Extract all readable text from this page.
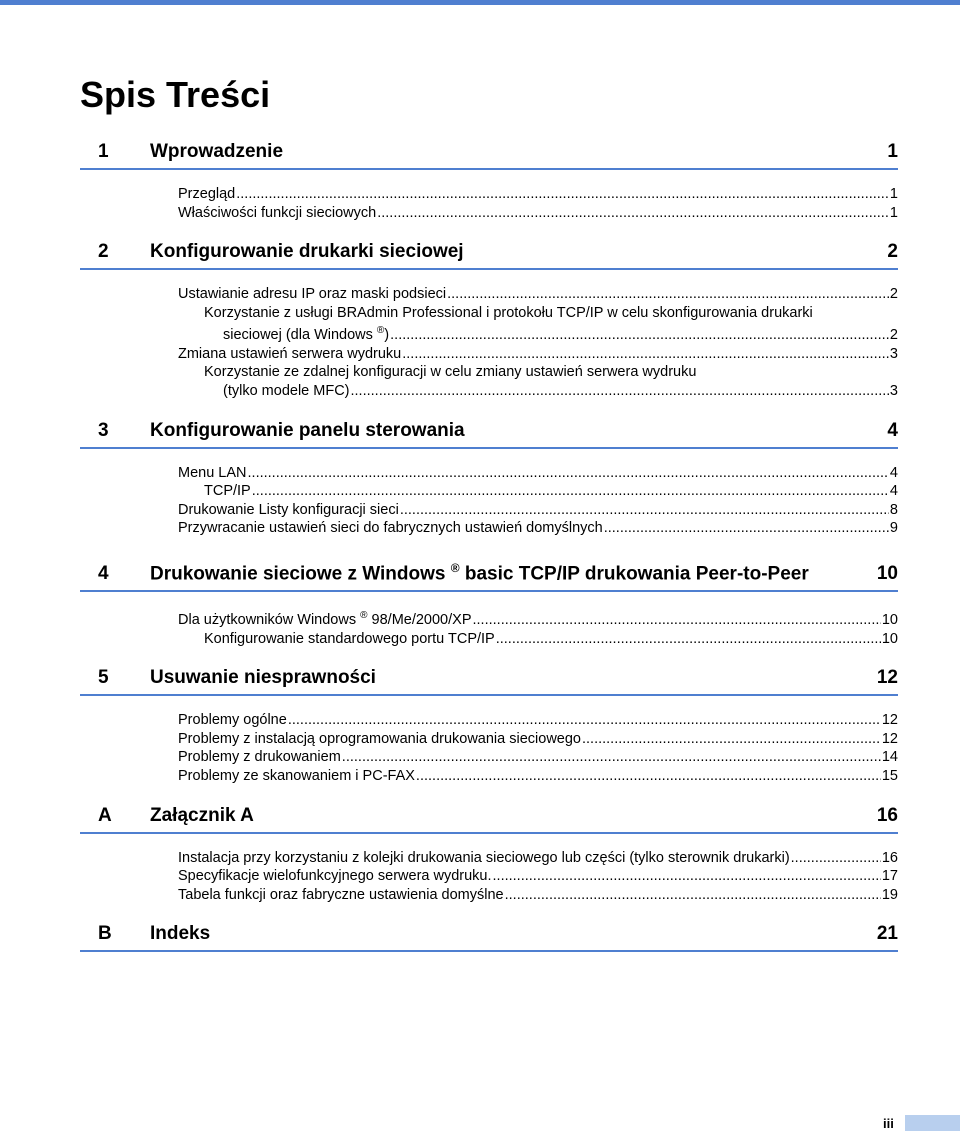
Spis Treści
1	Wprowadzenie	1
Przegląd .....	1
Właściwości funkcji sieciowych .....	1
2	Konfigurowanie drukarki sieciowej	2
Ustawianie adresu IP oraz maski podsieci .....	2
Korzystanie z usługi BRAdmin Professional i protokołu TCP/IP w celu skonfigurowania drukarki
sieciowej (dla Windows ®) .....	2
Zmiana ustawień serwera wydruku .....	3
Korzystanie ze zdalnej konfiguracji w celu zmiany ustawień serwera wydruku
(tylko modele MFC) .....	3
3	Konfigurowanie panelu sterowania	4
Menu LAN .....	4
TCP/IP .....	4
Drukowanie Listy konfiguracji sieci .....	8
Przywracanie ustawień sieci do fabrycznych ustawień domyślnych .....	9
4	Drukowanie sieciowe z Windows ® basic TCP/IP drukowania Peer-to-Peer	10
Dla użytkowników Windows ® 98/Me/2000/XP .....	10
Konfigurowanie standardowego portu TCP/IP .....	10
5	Usuwanie niesprawności	12
Problemy ogólne .....	12
Problemy z instalacją oprogramowania drukowania sieciowego .....	12
Problemy z drukowaniem .....	14
Problemy ze skanowaniem i PC-FAX .....	15
A	Załącznik A	16
Instalacja przy korzystaniu z kolejki drukowania sieciowego lub części (tylko sterownik drukarki) .....	16
Specyfikacje wielofunkcyjnego serwera wydruku. .....	17
Tabela funkcji oraz fabryczne ustawienia domyślne .....	19
B	Indeks	21
iii
